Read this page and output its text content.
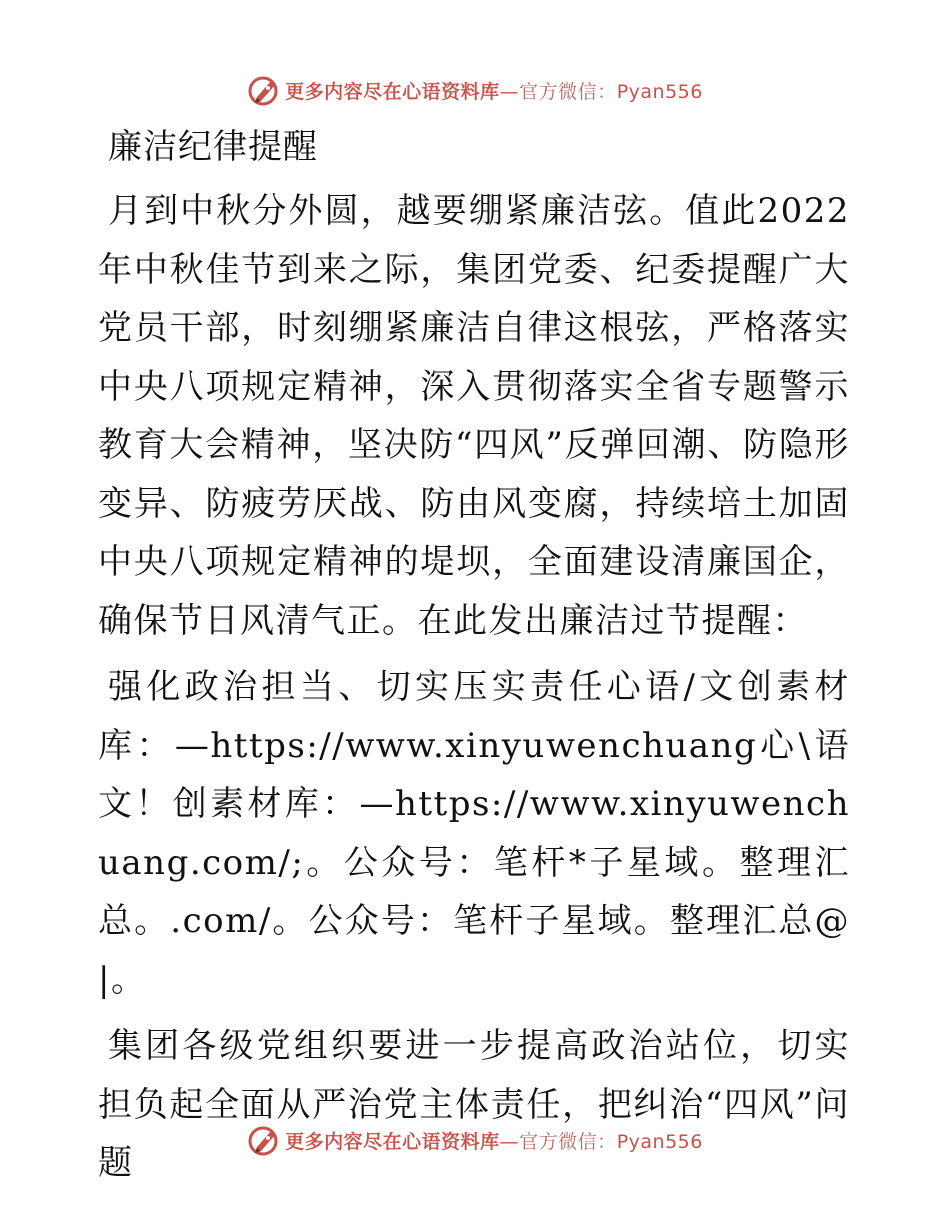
更多内容尽在心语资料库—官方微信：Pyan556
廉洁纪律提醒

月到中秋分外圆，越要绷紧廉洁弦。值此2022年中秋佳节到来之际，集团党委、纪委提醒广大党员干部，时刻绷紧廉洁自律这根弦，严格落实中央八项规定精神，深入贯彻落实全省专题警示教育大会精神，坚决防“四风”反弹回潮、防隐形变异、防疲劳厌战、防由风变腐，持续培土加固中央八项规定精神的堤坝，全面建设清廉国企，确保节日风清气正。在此发出廉洁过节提醒：

强化政治担当、切实压实责任心语/文创素材库：—https://www.xinyuwenchuang心\语文！创素材库：—https://www.xinyuwenchuang.com/;。公众号：笔杆*子星域。整理汇总。.com/。公众号：笔杆子星域。整理汇总@|。

集团各级党组织要进一步提高政治站位，切实担负起全面从严治党主体责任，把纠治“四风”问题

更多内容尽在心语资料库—官方微信：Pyan556
